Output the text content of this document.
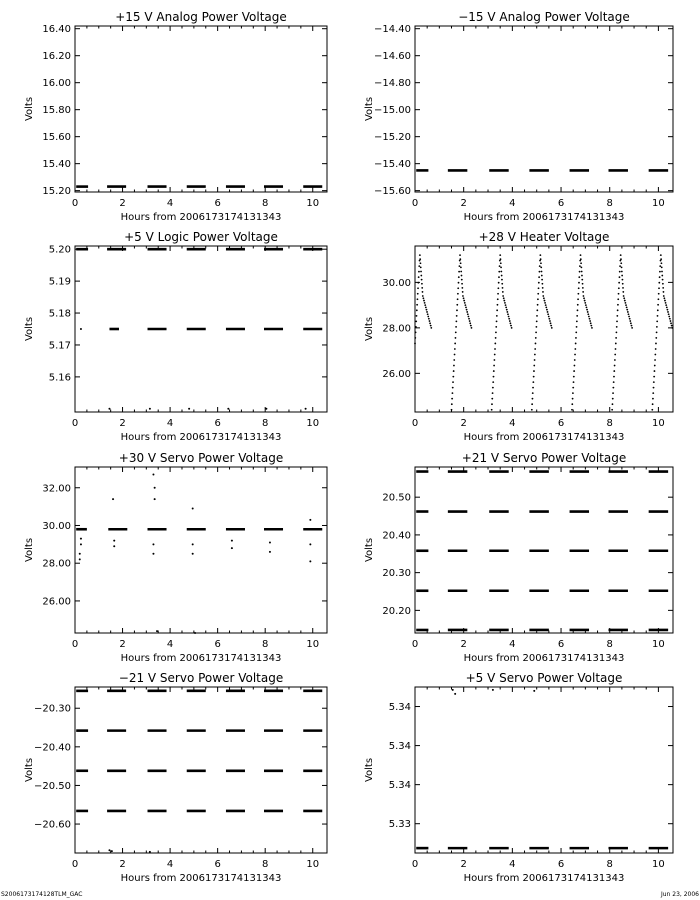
+15 V Analog Power Voltage
Hours from 2006173174131343
Volts
0	2	4	6	8	10
15.20
15.40
15.60
15.80
16.00
16.20
16.40
−15 V Analog Power Voltage
Hours from 2006173174131343
Volts
0	2	4	6	8	10
−14.40
−14.60
−14.80
−15.00
−15.20
−15.40
−15.60
+5 V Logic Power Voltage
Hours from 2006173174131343
Volts
0	2	4	6	8	10
5.16
5.17
5.18
5.19
5.20
+28 V Heater Voltage
Hours from 2006173174131343
Volts
0	2	4	6	8	10
26.00
28.00
30.00
+30 V Servo Power Voltage
Hours from 2006173174131343
Volts
0	2	4	6	8	10
26.00
28.00
30.00
32.00
+21 V Servo Power Voltage
Hours from 2006173174131343
Volts
0	2	4	6	8	10
20.20
20.30
20.40
20.50
−21 V Servo Power Voltage
Hours from 2006173174131343
Volts
0	2	4	6	8	10
−20.30
−20.40
−20.50
−20.60
+5 V Servo Power Voltage
Hours from 2006173174131343
Volts
0	2	4	6	8	10
5.33
5.34
5.34
5.34
S2006173174128TLM_GAC	Jun 23, 2006
